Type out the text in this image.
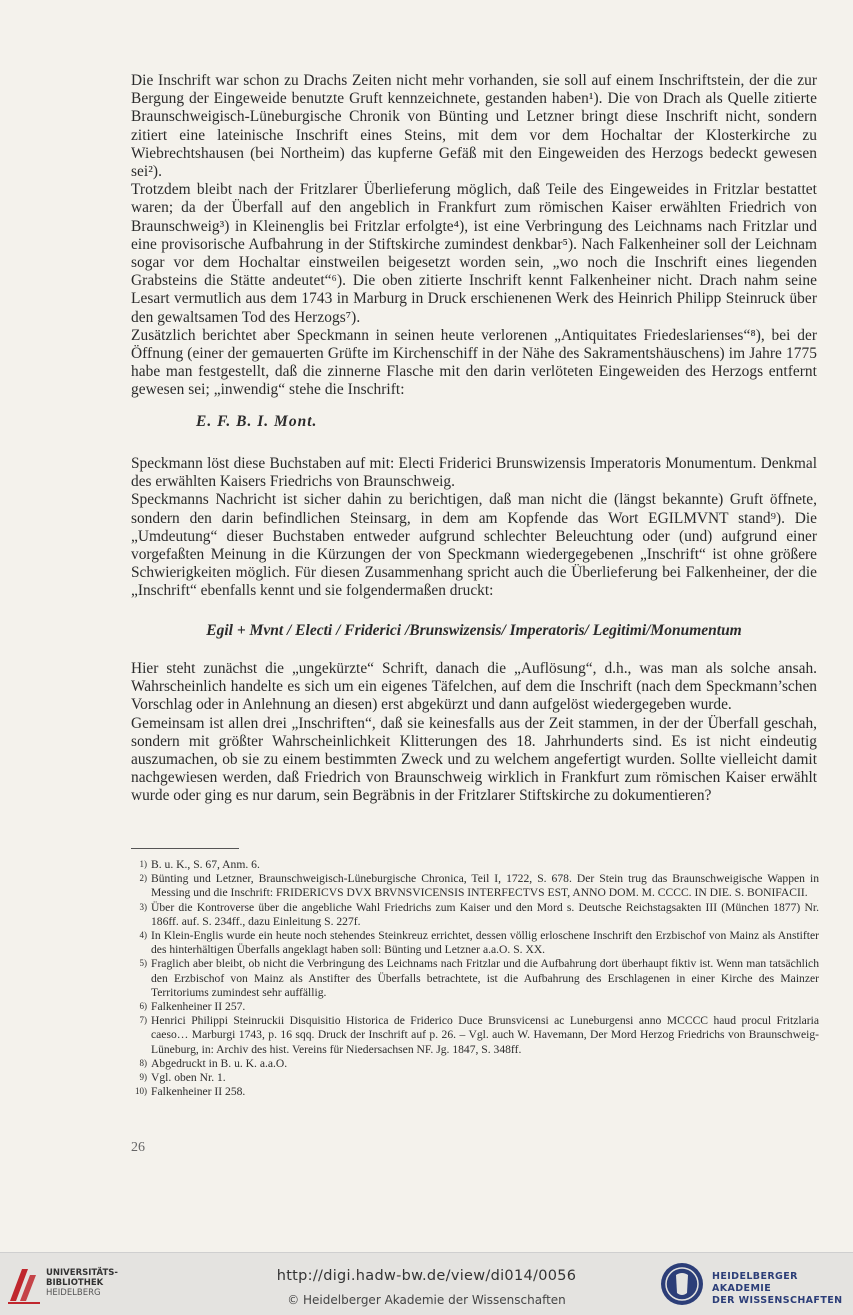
Die Inschrift war schon zu Drachs Zeiten nicht mehr vorhanden, sie soll auf einem Inschriftstein, der die zur Bergung der Eingeweide benutzte Gruft kennzeichnete, gestanden haben¹). Die von Drach als Quelle zitierte Braunschweigisch-Lüneburgische Chronik von Bünting und Letzner bringt diese Inschrift nicht, sondern zitiert eine lateinische Inschrift eines Steins, mit dem vor dem Hochaltar der Klosterkirche zu Wiebrechtshausen (bei Northeim) das kupferne Gefäß mit den Eingeweiden des Herzogs bedeckt gewesen sei²).

Trotzdem bleibt nach der Fritzlarer Überlieferung möglich, daß Teile des Eingeweides in Fritzlar bestattet waren; da der Überfall auf den angeblich in Frankfurt zum römischen Kaiser erwählten Friedrich von Braunschweig³) in Kleinenglis bei Fritzlar erfolgte⁴), ist eine Verbringung des Leichnams nach Fritzlar und eine provisorische Aufbahrung in der Stiftskirche zumindest denkbar⁵). Nach Falkenheiner soll der Leichnam sogar vor dem Hochaltar einstweilen beigesetzt worden sein, „wo noch die Inschrift eines liegenden Grabsteins die Stätte andeutet“⁶). Die oben zitierte Inschrift kennt Falkenheiner nicht. Drach nahm seine Lesart vermutlich aus dem 1743 in Marburg in Druck erschienenen Werk des Heinrich Philipp Steinruck über den gewaltsamen Tod des Herzogs⁷).

Zusätzlich berichtet aber Speckmann in seinen heute verlorenen „Antiquitates Friedeslarienses“⁸), bei der Öffnung (einer der gemauerten Grüfte im Kirchenschiff in der Nähe des Sakramentshäuschens) im Jahre 1775 habe man festgestellt, daß die zinnerne Flasche mit den darin verlöteten Eingeweiden des Herzogs entfernt gewesen sei; „inwendig“ stehe die Inschrift:

E. F. B. I. Mont.

Speckmann löst diese Buchstaben auf mit: Electi Friderici Brunswizensis Imperatoris Monumentum. Denkmal des erwählten Kaisers Friedrichs von Braunschweig.

Speckmanns Nachricht ist sicher dahin zu berichtigen, daß man nicht die (längst bekannte) Gruft öffnete, sondern den darin befindlichen Steinsarg, in dem am Kopfende das Wort EGILMVNT stand⁹). Die „Umdeutung“ dieser Buchstaben entweder aufgrund schlechter Beleuchtung oder (und) aufgrund einer vorgefaßten Meinung in die Kürzungen der von Speckmann wiedergegebenen „Inschrift“ ist ohne größere Schwierigkeiten möglich. Für diesen Zusammenhang spricht auch die Überlieferung bei Falkenheiner, der die „Inschrift“ ebenfalls kennt und sie folgendermaßen druckt:

Egil + Mvnt / Electi / Friderici /Brunswizensis/ Imperatoris/ Legitimi/Monumentum

Hier steht zunächst die „ungekürzte“ Schrift, danach die „Auflösung“, d.h., was man als solche ansah. Wahrscheinlich handelte es sich um ein eigenes Täfelchen, auf dem die Inschrift (nach dem Speckmann’schen Vorschlag oder in Anlehnung an diesen) erst abgekürzt und dann aufgelöst wiedergegeben wurde.

Gemeinsam ist allen drei „Inschriften“, daß sie keinesfalls aus der Zeit stammen, in der der Überfall geschah, sondern mit größter Wahrscheinlichkeit Klitterungen des 18. Jahrhunderts sind. Es ist nicht eindeutig auszumachen, ob sie zu einem bestimmten Zweck und zu welchem angefertigt wurden. Sollte vielleicht damit nachgewiesen werden, daß Friedrich von Braunschweig wirklich in Frankfurt zum römischen Kaiser erwählt wurde oder ging es nur darum, sein Begräbnis in der Fritzlarer Stiftskirche zu dokumentieren?

1) B. u. K., S. 67, Anm. 6.
2) Bünting und Letzner, Braunschweigisch-Lüneburgische Chronica, Teil I, 1722, S. 678. Der Stein trug das Braunschweigische Wappen in Messing und die Inschrift: FRIDERICVS DVX BRVNSVICENSIS INTERFECTVS EST, ANNO DOM. M. CCCC. IN DIE. S. BONIFACII.
3) Über die Kontroverse über die angebliche Wahl Friedrichs zum Kaiser und den Mord s. Deutsche Reichstagsakten III (München 1877) Nr. 186ff. auf. S. 234ff., dazu Einleitung S. 227f.
4) In Klein-Englis wurde ein heute noch stehendes Steinkreuz errichtet, dessen völlig erloschene Inschrift den Erzbischof von Mainz als Anstifter des hinterhältigen Überfalls angeklagt haben soll: Bünting und Letzner a.a.O. S. XX.
5) Fraglich aber bleibt, ob nicht die Verbringung des Leichnams nach Fritzlar und die Aufbahrung dort überhaupt fiktiv ist. Wenn man tatsächlich den Erzbischof von Mainz als Anstifter des Überfalls betrachtete, ist die Aufbahrung des Erschlagenen in einer Kirche des Mainzer Territoriums zumindest sehr auffällig.
6) Falkenheiner II 257.
7) Henrici Philippi Steinruckii Disquisitio Historica de Friderico Duce Brunsvicensi ac Luneburgensi anno MCCCC haud procul Fritzlaria caeso… Marburgi 1743, p. 16 sqq. Druck der Inschrift auf p. 26. – Vgl. auch W. Havemann, Der Mord Herzog Friedrichs von Braunschweig-Lüneburg, in: Archiv des hist. Vereins für Niedersachsen NF. Jg. 1847, S. 348ff.
8) Abgedruckt in B. u. K. a.a.O.
9) Vgl. oben Nr. 1.
10) Falkenheiner II 258.
26
UNIVERSITÄTS-
BIBLIOTHEK
HEIDELBERG
http://digi.hadw-bw.de/view/di014/0056
© Heidelberger Akademie der Wissenschaften
HEIDELBERGER AKADEMIE
DER WISSENSCHAFTEN
